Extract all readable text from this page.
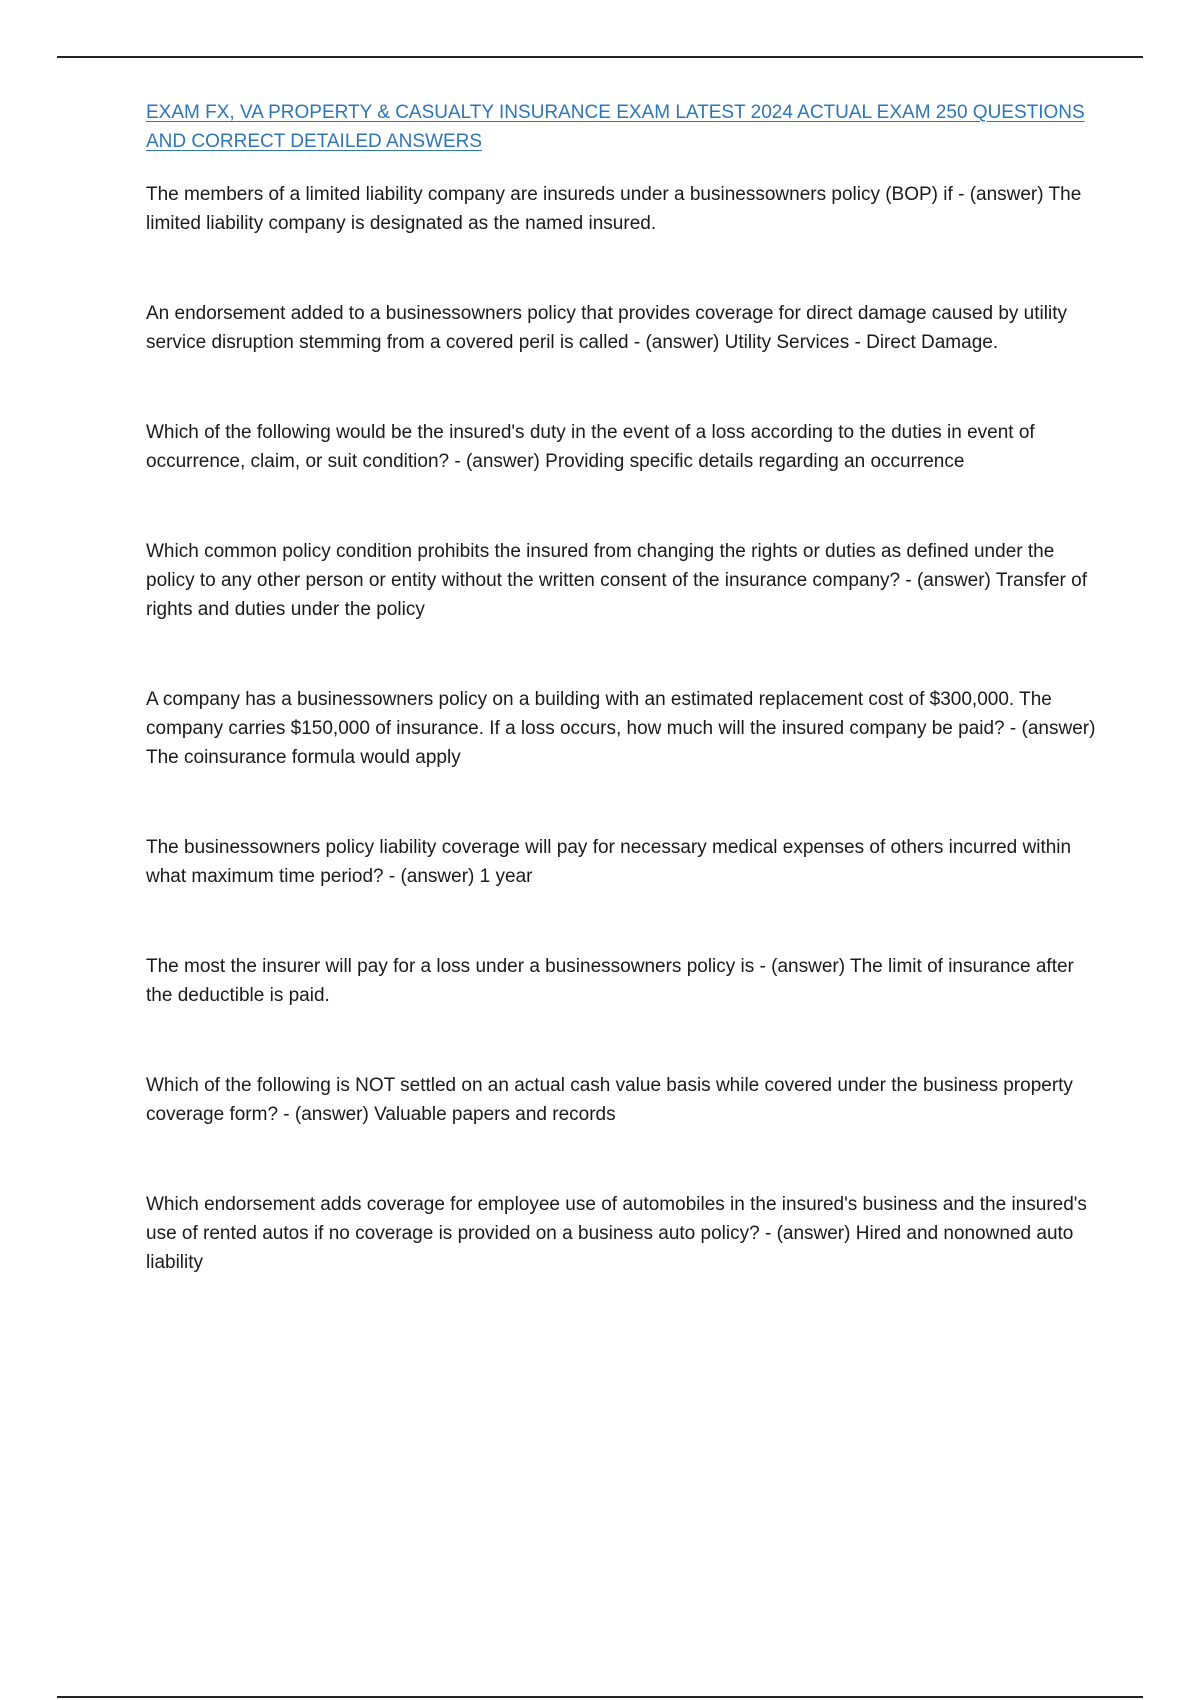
EXAM FX, VA PROPERTY & CASUALTY INSURANCE EXAM LATEST 2024 ACTUAL EXAM 250 QUESTIONS AND CORRECT DETAILED ANSWERS

The members of a limited liability company are insureds under a businessowners policy (BOP) if - (answer) The limited liability company is designated as the named insured.

An endorsement added to a businessowners policy that provides coverage for direct damage caused by utility service disruption stemming from a covered peril is called - (answer) Utility Services - Direct Damage.

Which of the following would be the insured's duty in the event of a loss according to the duties in event of occurrence, claim, or suit condition? - (answer) Providing specific details regarding an occurrence

Which common policy condition prohibits the insured from changing the rights or duties as defined under the policy to any other person or entity without the written consent of the insurance company? - (answer) Transfer of rights and duties under the policy

A company has a businessowners policy on a building with an estimated replacement cost of $300,000. The company carries $150,000 of insurance. If a loss occurs, how much will the insured company be paid? - (answer) The coinsurance formula would apply

The businessowners policy liability coverage will pay for necessary medical expenses of others incurred within what maximum time period? - (answer) 1 year

The most the insurer will pay for a loss under a businessowners policy is - (answer) The limit of insurance after the deductible is paid.

Which of the following is NOT settled on an actual cash value basis while covered under the business property coverage form? - (answer) Valuable papers and records

Which endorsement adds coverage for employee use of automobiles in the insured's business and the insured's use of rented autos if no coverage is provided on a business auto policy? - (answer) Hired and nonowned auto liability
